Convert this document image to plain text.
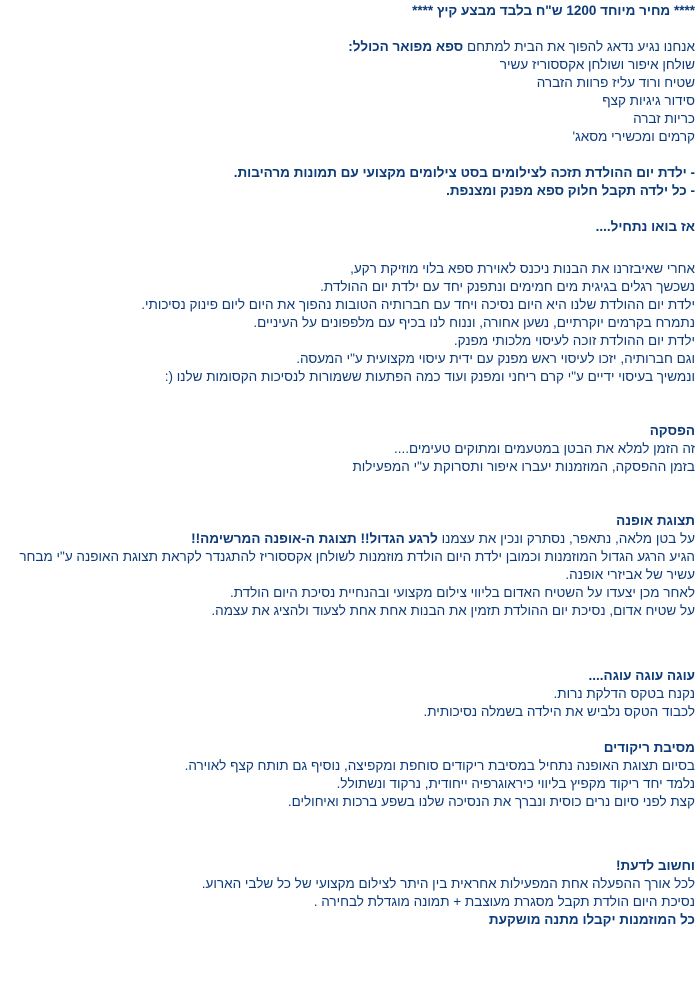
**** מחיר מיוחד 1200 ש"ח בלבד מבצע קיץ ****

אנחנו נגיע נדאג להפוך את הבית למתחם ספא מפואר הכולל:
שולחן איפור ושולחן אקססוריז עשיר
שטיח ורוד עליז פרוות הזברה
סידור גיגיות קצף
כריות זברה
קרמים ומכשירי מסאג'

- ילדת יום ההולדת תזכה לצילומים בסט צילומים מקצועי עם תמונות מרהיבות.
- כל ילדה תקבל חלוק ספא מפנק ומצנפת.

אז בואו נתחיל....

אחרי שאיבזרנו את הבנות ניכנס לאוירת ספא בלוי מוזיקת רקע,
נשכשך רגלים בגיגית מים חמימים ונתפנק יחד עם ילדת יום ההולדת.
ילדת יום ההולדת שלנו היא היום נסיכה ויחד עם חברותיה הטובות נהפוך את היום ליום פינוק נסיכותי.
נתמרח בקרמים יוקרתיים, נשען אחורה, וננוח לנו בכיף עם מלפפונים על העיניים.
ילדת יום ההולדת זוכה לעיסוי מלכותי מפנק.
וגם חברותיה, יזכו לעיסוי ראש מפנק עם ידית עיסוי מקצועית ע"י המעסה.
ונמשיך בעיסוי ידיים ע"י קרם ריחני ומפנק ועוד כמה הפתעות ששמורות לנסיכות הקסומות שלנו (:

הפסקה
זה הזמן למלא את הבטן במטעמים ומתוקים טעימים....
בזמן ההפסקה, המוזמנות יעברו איפור ותסרוקת ע"י המפעילות

תצוגת אופנה
על בטן מלאה, נתאפר, נסתרק ונכין את עצמנו לרגע הגדול!! תצוגת ה-אופנה המרשימה!!
הגיע הרגע הגדול המוזמנות וכמובן ילדת היום הולדת מוזמנות לשולחן אקססוריז להתגנדר לקראת תצוגת האופנה ע"י מבחר עשיר של אביזרי אופנה.
לאחר מכן יצעדו על השטיח האדום בליווי צילום מקצועי ובהנחיית נסיכת היום הולדת.
על שטיח אדום, נסיכת יום ההולדת תזמין את הבנות אחת אחת לצעוד ולהציג את עצמה.

עוגה עוגה עוגה....
נקנח בטקס הדלקת נרות.
לכבוד הטקס נלביש את הילדה בשמלה נסיכותית.

מסיבת ריקודים
בסיום תצוגת האופנה נתחיל במסיבת ריקודים סוחפת ומקפיצה, נוסיף גם תותח קצף לאוירה.
נלמד יחד ריקוד מקפיץ בליווי כיראוגרפיה ייחודית, נרקוד ונשתולל.
קצת לפני סיום נרים כוסית ונברך את הנסיכה שלנו בשפע ברכות ואיחולים.

וחשוב לדעת!
לכל אורך ההפעלה אחת המפעילות אחראית בין היתר לצילום מקצועי של כל שלבי הארוע.
נסיכת היום הולדת תקבל מסגרת מעוצבת + תמונה מוגדלת לבחירה .
כל המוזמנות יקבלו מתנה מושקעת
